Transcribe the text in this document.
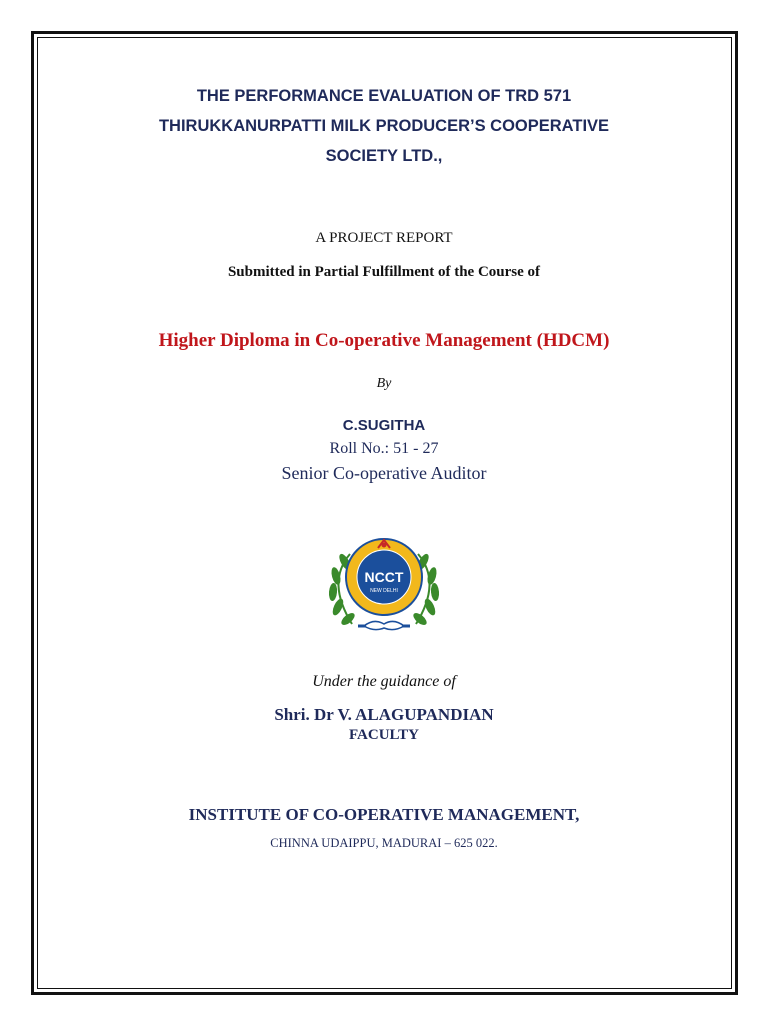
THE PERFORMANCE EVALUATION OF TRD 571
THIRUKKANURPATTI MILK PRODUCER’S COOPERATIVE
SOCIETY LTD.,
A PROJECT REPORT
Submitted in Partial Fulfillment of the Course of
Higher Diploma in Co-operative Management (HDCM)
By
C.SUGITHA
Roll No.: 51 - 27
Senior Co-operative Auditor
NCCT
NEW DELHI
Under the guidance of
Shri. Dr V. ALAGUPANDIAN
FACULTY
INSTITUTE OF CO-OPERATIVE MANAGEMENT,
CHINNA UDAIPPU, MADURAI – 625 022.
